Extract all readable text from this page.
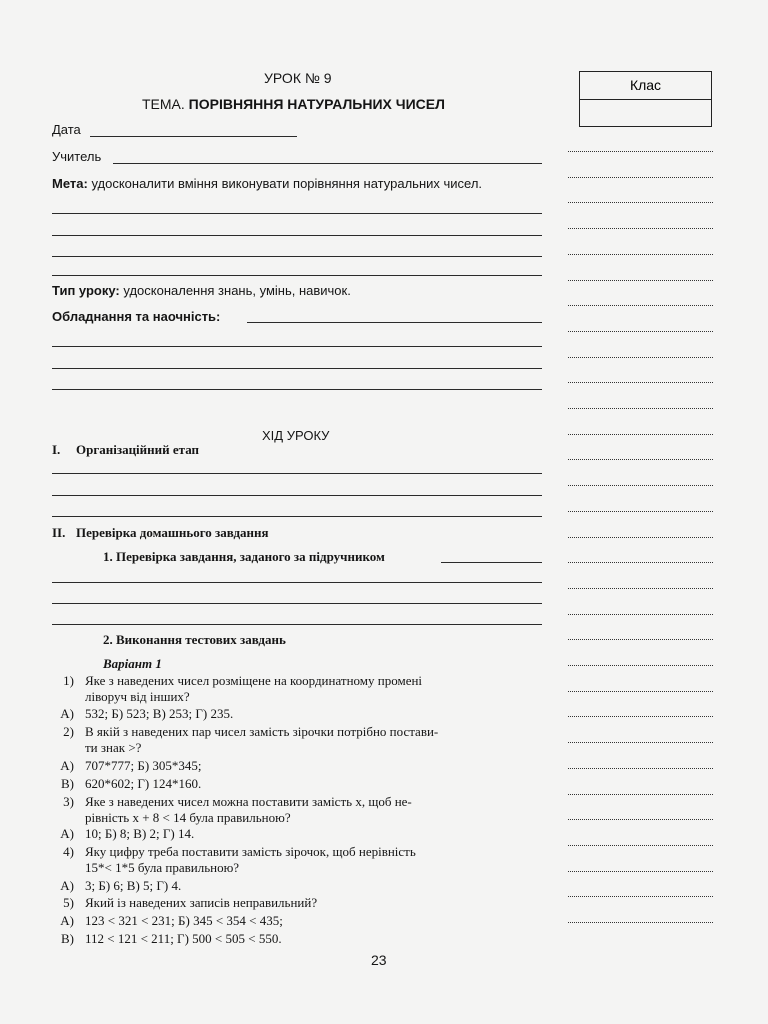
УРОК № 9
ТЕМА. ПОРІВНЯННЯ НАТУРАЛЬНИХ ЧИСЕЛ
Клас
Дата
Учитель
Мета: удосконалити вміння виконувати порівняння натуральних чисел.
Тип уроку: удосконалення знань, умінь, навичок.
Обладнання та наочність:
ХІД УРОКУ
I. Організаційний етап
II. Перевірка домашнього завдання
1. Перевірка завдання, заданого за підручником
2. Виконання тестових завдань
Варіант 1
1) Яке з наведених чисел розміщене на координатному промені
ліворуч від інших?
А) 532; Б) 523; В) 253; Г) 235.
2) В якій з наведених пар чисел замість зірочки потрібно постави-
ти знак >?
А) 707*777; Б) 305*345;
В) 620*602; Г) 124*160.
3) Яке з наведених чисел можна поставити замість x, щоб не-
рівність x + 8 < 14 була правильною?
А) 10; Б) 8; В) 2; Г) 14.
4) Яку цифру треба поставити замість зірочок, щоб нерівність
15*< 1*5 була правильною?
А) 3; Б) 6; В) 5; Г) 4.
5) Який із наведених записів неправильний?
А) 123 < 321 < 231; Б) 345 < 354 < 435;
В) 112 < 121 < 211; Г) 500 < 505 < 550.
23
